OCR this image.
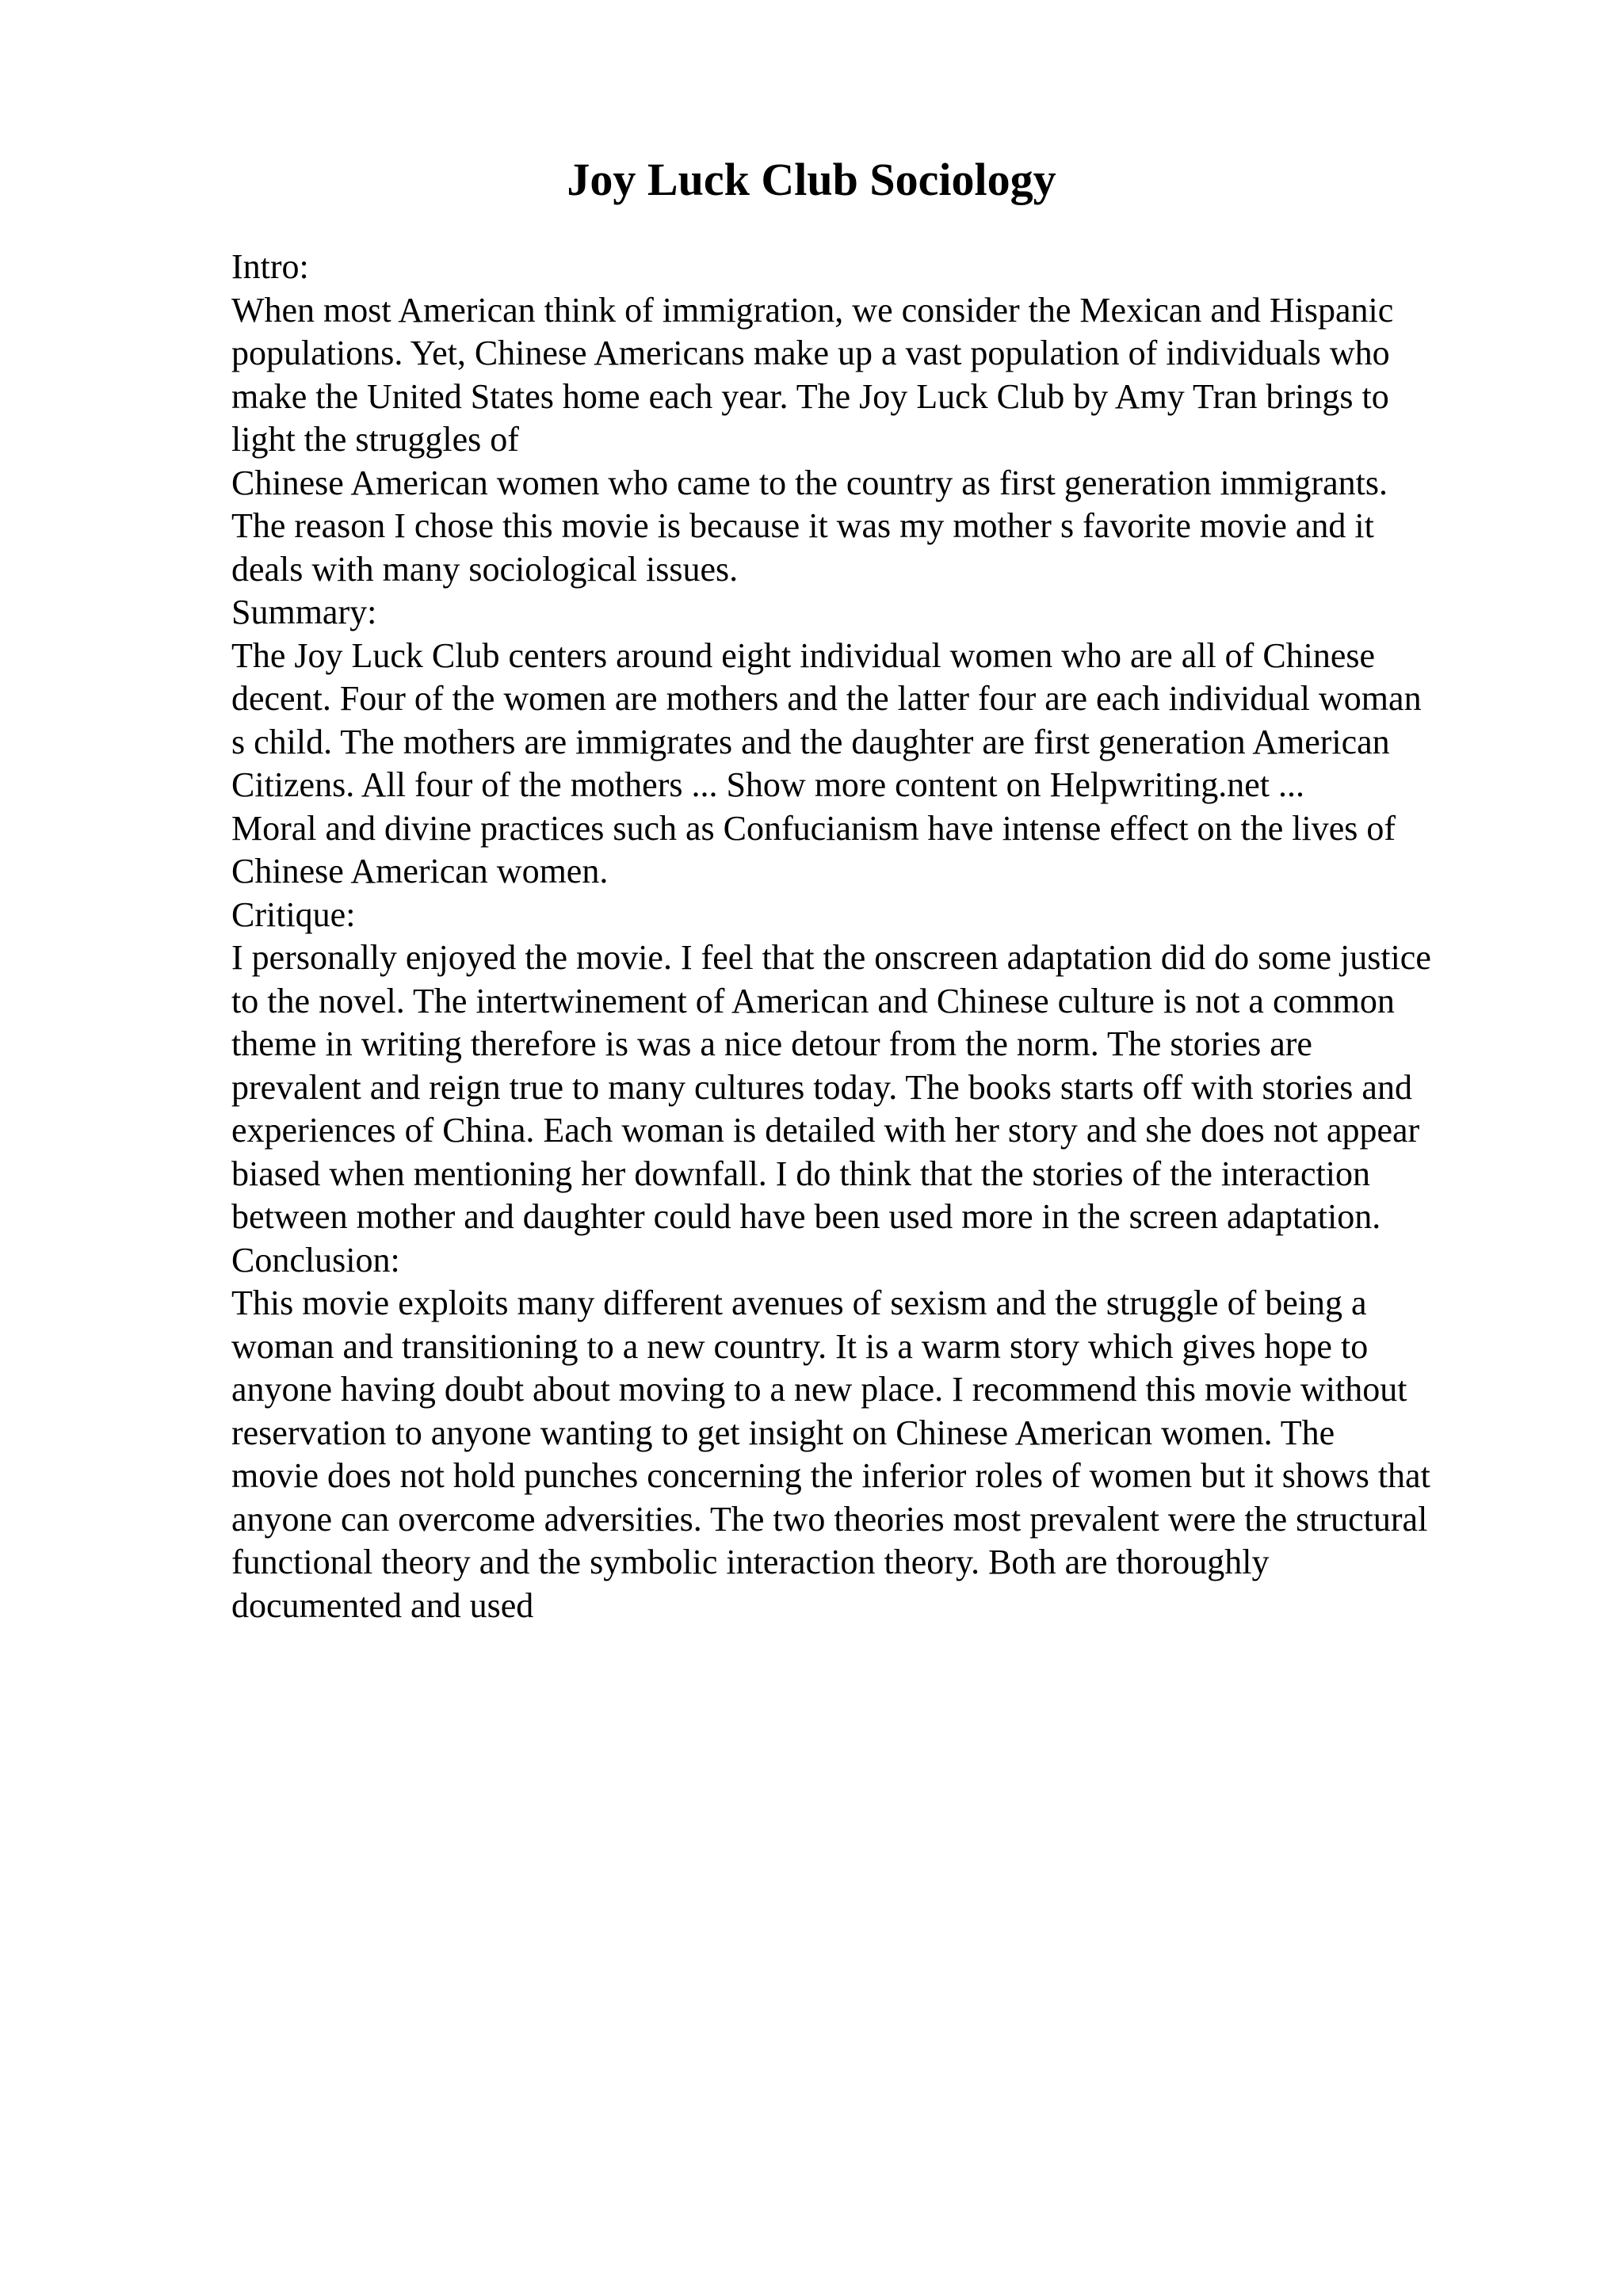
Joy Luck Club Sociology
Intro:
When most American think of immigration, we consider the Mexican and Hispanic
populations. Yet, Chinese Americans make up a vast population of individuals who
make the United States home each year. The Joy Luck Club by Amy Tran brings to
light the struggles of
Chinese American women who came to the country as first generation immigrants.
The reason I chose this movie is because it was my mother s favorite movie and it
deals with many sociological issues.
Summary:
The Joy Luck Club centers around eight individual women who are all of Chinese
decent. Four of the women are mothers and the latter four are each individual woman
s child. The mothers are immigrates and the daughter are first generation American
Citizens. All four of the mothers ... Show more content on Helpwriting.net ...
Moral and divine practices such as Confucianism have intense effect on the lives of
Chinese American women.
Critique:
I personally enjoyed the movie. I feel that the onscreen adaptation did do some justice
to the novel. The intertwinement of American and Chinese culture is not a common
theme in writing therefore is was a nice detour from the norm. The stories are
prevalent and reign true to many cultures today. The books starts off with stories and
experiences of China. Each woman is detailed with her story and she does not appear
biased when mentioning her downfall. I do think that the stories of the interaction
between mother and daughter could have been used more in the screen adaptation.
Conclusion:
This movie exploits many different avenues of sexism and the struggle of being a
woman and transitioning to a new country. It is a warm story which gives hope to
anyone having doubt about moving to a new place. I recommend this movie without
reservation to anyone wanting to get insight on Chinese American women. The
movie does not hold punches concerning the inferior roles of women but it shows that
anyone can overcome adversities. The two theories most prevalent were the structural
functional theory and the symbolic interaction theory. Both are thoroughly
documented and used
